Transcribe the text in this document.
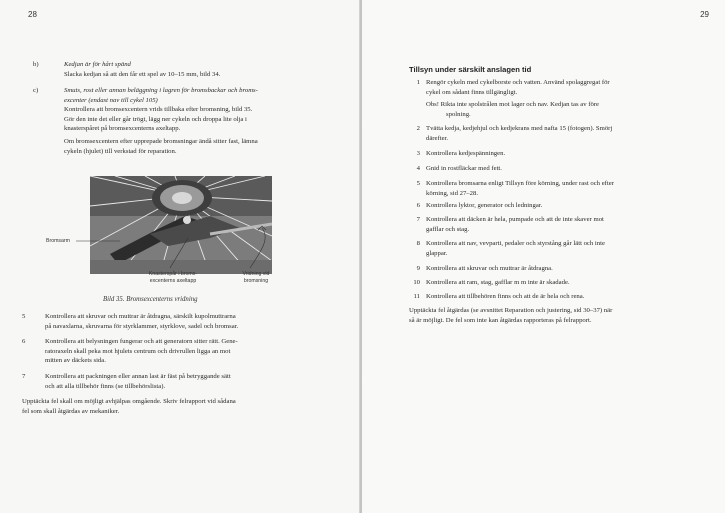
28
b)	Kedjan är för hårt spänd

Slacka kedjan så att den får ett spel av 10–15 mm, bild 34.

c)	Smuts, rost eller annan beläggning i lagren för bromsbackar och broms-

excenter (endast nav till cykel 105)

Kontrollera att bromsexcentern vrids tillbaka efter bromsning, bild 35.

Gör den inte det eller går trögt, lägg ner cykeln och droppa lite olja i

knasterspåret på bromsexcenterns axeltapp.

Om bromsexcentern efter upprepade bromsningar ändå sitter fast, lämna

cykeln (hjulet) till verkstad för reparation.

Bromsarm
Knasterspår i broms-
excenterns axeltapp
Vridning vid
bromsning
Bild 35. Bromsexcenterns vridning
5	Kontrollera att skruvar och muttrar är åtdragna, särskilt kupolmuttrarna

på navaxlarna, skruvarna för styrklammer, styrklove, sadel och bromsar.

6	Kontrollera att belysningen fungerar och att generatorn sitter rätt. Gene-

ratoraxeln skall peka mot hjulets centrum och drivrullen ligga an mot

mitten av däckets sida.

7	Kontrollera att packningen eller annan last är fäst på betryggande sätt

och att alla tillbehör finns (se tillbehörslista).

Upptäckta fel skall om möjligt avhjälpas omgående. Skriv felrapport vid sådana

fel som skall åtgärdas av mekaniker.

29
Tillsyn under särskilt anslagen tid
1 Rengör cykeln med cykelborste och vatten. Använd spolaggregat för

cykel om sådant finns tillgängligt.

Obs! Rikta inte spolstrålen mot lager och nav. Kedjan tas av före

spolning.

2 Tvätta kedja, kedjehjul och kedjekrans med nafta 15 (fotogen). Smörj

därefter.

3 Kontrollera kedjespänningen.

4 Gnid in rostfläckar med fett.

5 Kontrollera bromsarna enligt Tillsyn före körning, under rast och efter

körning, sid 27–28.

6 Kontrollera lyktor, generator och ledningar.

7 Kontrollera att däcken är hela, pumpade och att de inte skaver mot

gafflar och stag.

8 Kontrollera att nav, vevparti, pedaler och styrstång går lätt och inte

glappar.

9 Kontrollera att skruvar och muttrar är åtdragna.

10 Kontrollera att ram, stag, gafflar m m inte är skadade.

11 Kontrollera att tillbehören finns och att de är hela och rena.

Upptäckta fel åtgärdas (se avsnittet Reparation och justering, sid 30–37) när

så är möjligt. De fel som inte kan åtgärdas rapporteras på felrapport.
